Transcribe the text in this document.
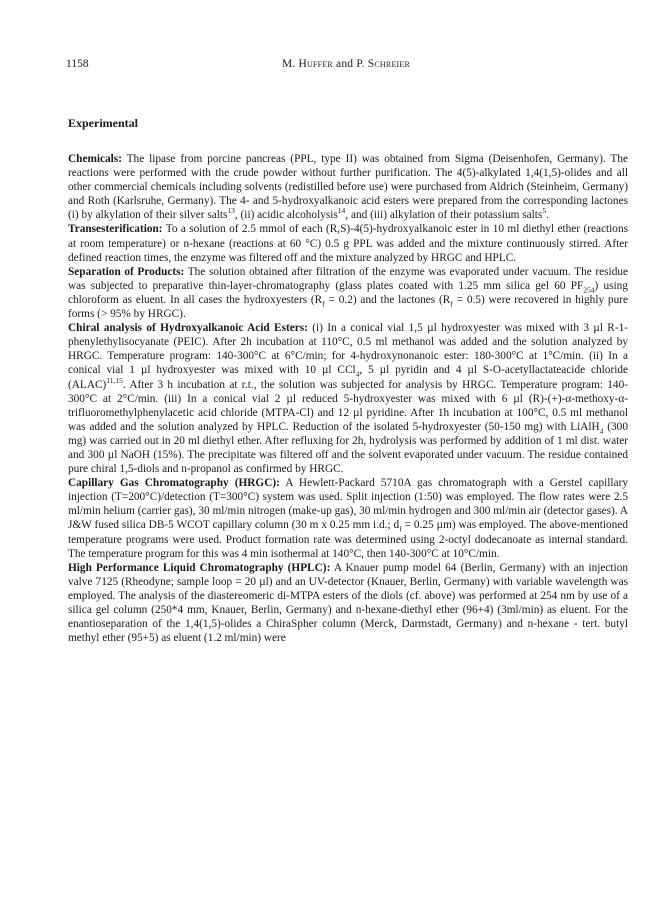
1158	M. Huffer and P. Schreier
Experimental

Chemicals: The lipase from porcine pancreas (PPL, type II) was obtained from Sigma (Deisenhofen, Germany). The reactions were performed with the crude powder without further purification. The 4(5)-alkylated 1,4(1,5)-olides and all other commercial chemicals including solvents (redistilled before use) were purchased from Aldrich (Steinheim, Germany) and Roth (Karlsruhe, Germany). The 4- and 5-hydroxyalkanoic acid esters were prepared from the corresponding lactones (i) by alkylation of their silver salts$^{13}$, (ii) acidic alcoholysis$^{14}$, and (iii) alkylation of their potassium salts$^5$.

Transesterification: To a solution of 2.5 mmol of each (R,S)-4(5)-hydroxyalkanoic ester in 10 ml diethyl ether (reactions at room temperature) or n-hexane (reactions at 60 °C) 0.5 g PPL was added and the mixture continuously stirred. After defined reaction times, the enzyme was filtered off and the mixture analyzed by HRGC and HPLC.

Separation of Products: The solution obtained after filtration of the enzyme was evaporated under vacuum. The residue was subjected to preparative thin-layer-chromatography (glass plates coated with 1.25 mm silica gel 60 $PF_{254}$) using chloroform as eluent. In all cases the hydroxyesters $(R_f = 0.2)$ and the lactones $(R_f = 0.5)$ were recovered in highly pure forms (> 95% by HRGC).

Chiral analysis of Hydroxyalkanoic Acid Esters: (i) In a conical vial 1,5 µl hydroxyester was mixed with 3 µl R-1-phenylethylisocyanate (PEIC). After 2h incubation at 110°C, 0.5 ml methanol was added and the solution analyzed by HRGC. Temperature program: 140-300°C at 6°C/min; for 4-hydroxynonanoic ester: 180-300°C at 1°C/min. (ii) In a conical vial 1 µl hydroxyester was mixed with 10 µl CCl$_4$, 5 µl pyridin and 4 µl S-O-acetyllactateacide chloride (ALAC)$^{11,15}$. After 3 h incubation at r.t., the solution was subjected for analysis by HRGC. Temperature program: 140-300°C at 2°C/min. (iii) In a conical vial 2 µl reduced 5-hydroxyester was mixed with 6 µl (R)-(+)-α-methoxy-α-trifluoromethylphenylacetic acid chloride (MTPA-Cl) and 12 µl pyridine. After 1h incubation at 100°C, 0.5 ml methanol was added and the solution analyzed by HPLC. Reduction of the isolated 5-hydroxyester (50-150 mg) with LiAlH$_4$ (300 mg) was carried out in 20 ml diethyl ether. After refluxing for 2h, hydrolysis was performed by addition of 1 ml dist. water and 300 µl NaOH (15%). The precipitate was filtered off and the solvent evaporated under vacuum. The residue contained pure chiral 1,5-diols and n-propanol as confirmed by HRGC.

Capillary Gas Chromatography (HRGC): A Hewlett-Packard 5710A gas chromatograph with a Gerstel capillary injection (T=200°C)/detection (T=300°C) system was used. Split injection (1:50) was employed. The flow rates were 2.5 ml/min helium (carrier gas), 30 ml/min nitrogen (make-up gas), 30 ml/min hydrogen and 300 ml/min air (detector gases). A J&W fused silica DB-5 WCOT capillary column (30 m x 0.25 mm i.d.; $d_f = 0.25$ µm) was employed. The above-mentioned temperature programs were used. Product formation rate was determined using 2-octyl dodecanoate as internal standard. The temperature program for this was 4 min isothermal at 140°C, then 140-300°C at 10°C/min.

High Performance Liquid Chromatography (HPLC): A Knauer pump model 64 (Berlin, Germany) with an injection valve 7125 (Rheodyne; sample loop = 20 µl) and an UV-detector (Knauer, Berlin, Germany) with variable wavelength was employed. The analysis of the diastereomeric di-MTPA esters of the diols (cf. above) was performed at 254 nm by use of a silica gel column (250*4 mm, Knauer, Berlin, Germany) and n-hexane-diethyl ether (96+4) (3ml/min) as eluent. For the enantioseparation of the 1,4(1,5)-olides a ChiraSpher column (Merck, Darmstadt, Germany) and n-hexane - tert. butyl methyl ether (95+5) as eluent (1.2 ml/min) were
